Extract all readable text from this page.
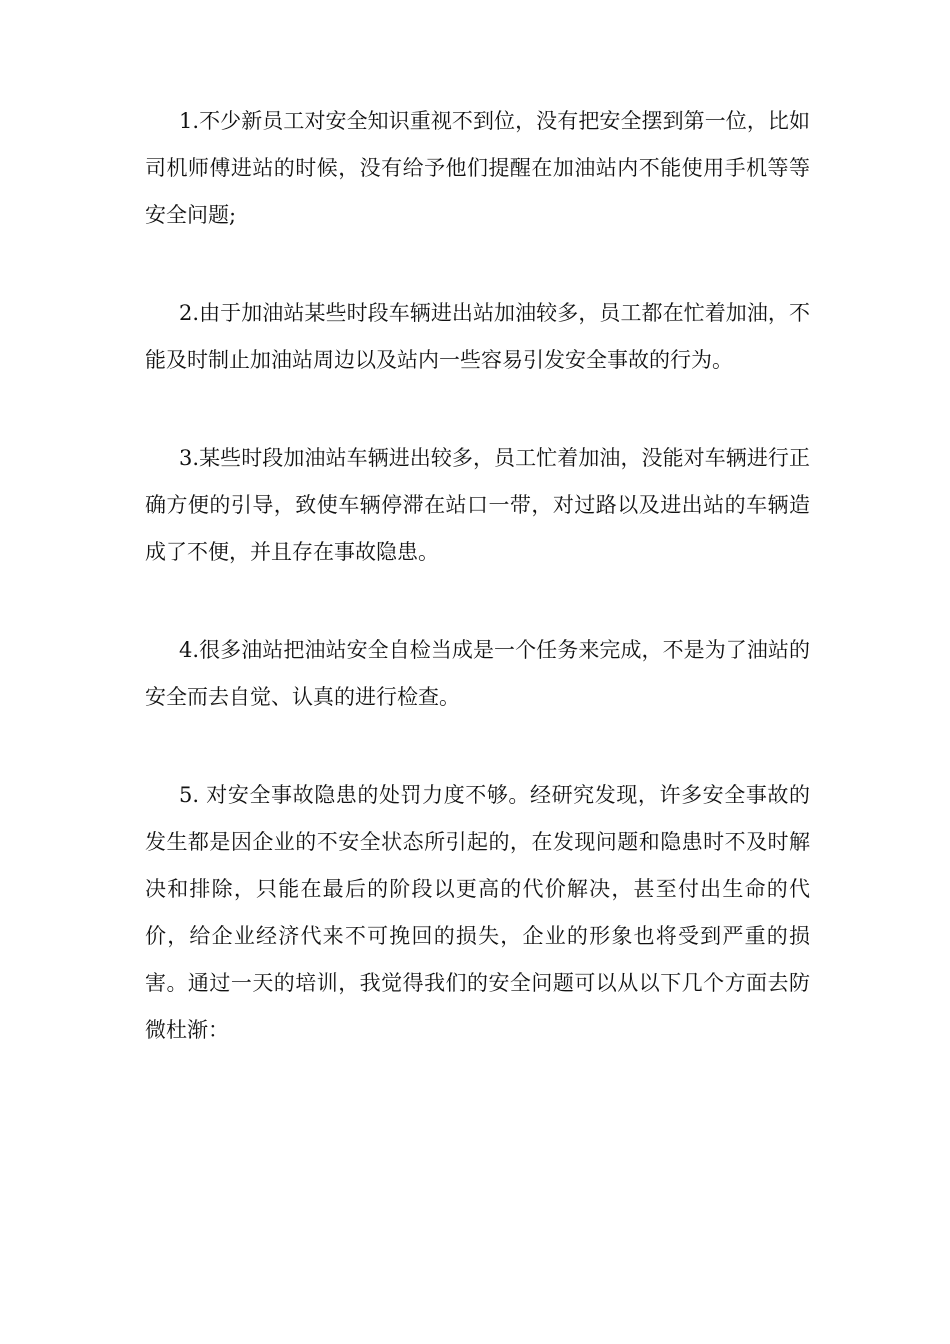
1.不少新员工对安全知识重视不到位，没有把安全摆到第一位，比如司机师傅进站的时候，没有给予他们提醒在加油站内不能使用手机等等安全问题;

2.由于加油站某些时段车辆进出站加油较多，员工都在忙着加油，不能及时制止加油站周边以及站内一些容易引发安全事故的行为。

3.某些时段加油站车辆进出较多，员工忙着加油，没能对车辆进行正确方便的引导，致使车辆停滞在站口一带，对过路以及进出站的车辆造成了不便，并且存在事故隐患。

4.很多油站把油站安全自检当成是一个任务来完成，不是为了油站的安全而去自觉、认真的进行检查。

5. 对安全事故隐患的处罚力度不够。经研究发现，许多安全事故的发生都是因企业的不安全状态所引起的，在发现问题和隐患时不及时解决和排除，只能在最后的阶段以更高的代价解决，甚至付出生命的代价，给企业经济代来不可挽回的损失，企业的形象也将受到严重的损害。通过一天的培训，我觉得我们的安全问题可以从以下几个方面去防微杜渐：
